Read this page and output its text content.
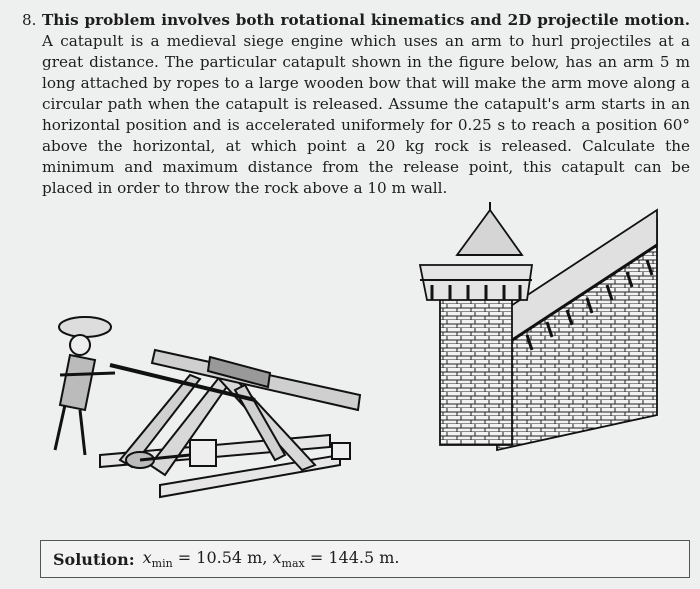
8. This problem involves both rotational kinematics and 2D projectile motion. A catapult is a medieval siege engine which uses an arm to hurl projectiles at a great distance. The particular catapult shown in the figure below, has an arm 5 m long attached by ropes to a large wooden bow that will make the arm move along a circular path when the catapult is released. Assume the catapult's arm starts in an horizontal position and is accelerated uniformely for 0.25 s to reach a position 60° above the horizontal, at which point a 20 kg rock is released. Calculate the minimum and maximum distance from the release point, this catapult can be placed in order to throw the rock above a 10 m wall.
Solution: $x_{min} = 10.54$ m, $x_{max} = 144.5$ m.
